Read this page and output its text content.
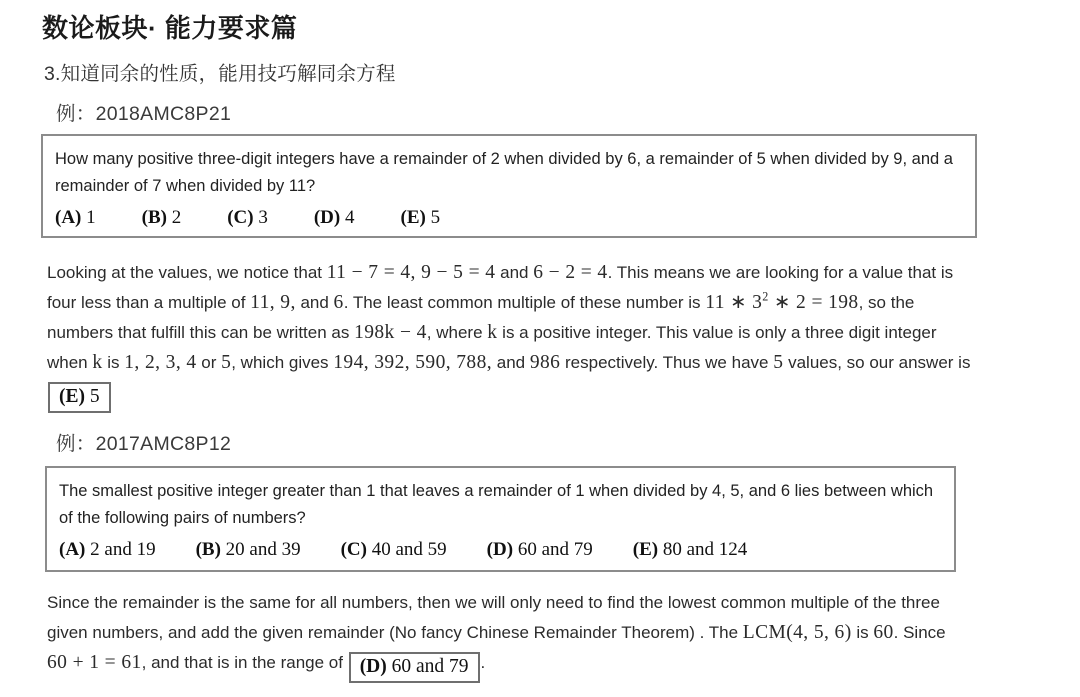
数论板块· 能力要求篇
3.知道同余的性质，能用技巧解同余方程
例：2018AMC8P21
How many positive three-digit integers have a remainder of 2 when divided by 6, a remainder of 5 when divided by 9, and a remainder of 7 when divided by 11?
(A) 1 (B) 2 (C) 3 (D) 4 (E) 5
Looking at the values, we notice that 11 − 7 = 4, 9 − 5 = 4 and 6 − 2 = 4. This means we are looking for a value that is four less than a multiple of 11, 9, and 6. The least common multiple of these number is 11 ∗ $3^2$ ∗ 2 = 198, so the numbers that fulfill this can be written as 198k − 4, where k is a positive integer. This value is only a three digit integer when k is 1, 2, 3, 4 or 5, which gives 194, 392, 590, 788, and 986 respectively. Thus we have 5 values, so our answer is (E) 5
例：2017AMC8P12
The smallest positive integer greater than 1 that leaves a remainder of 1 when divided by 4, 5, and 6 lies between which of the following pairs of numbers?
(A) 2 and 19 (B) 20 and 39 (C) 40 and 59 (D) 60 and 79 (E) 80 and 124
Since the remainder is the same for all numbers, then we will only need to find the lowest common multiple of the three given numbers, and add the given remainder (No fancy Chinese Remainder Theorem) . The LCM(4, 5, 6) is 60. Since 60 + 1 = 61, and that is in the range of (D) 60 and 79 .
